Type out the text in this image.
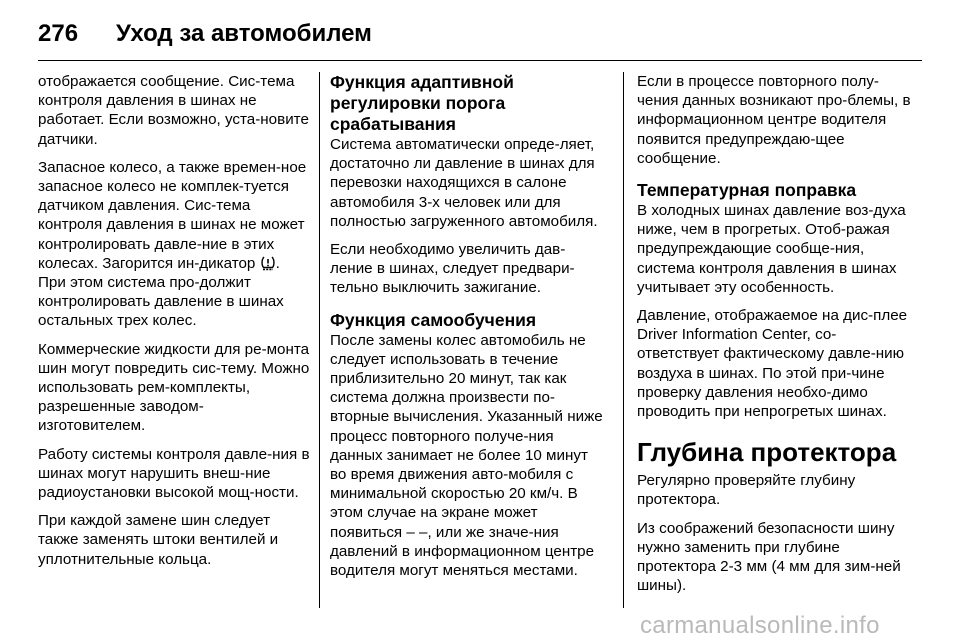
276	Уход за автомобилем

отображается сообщение. Сис-тема контроля давления в шинах не работает. Если возможно, уста-новите датчики.

Запасное колесо, а также времен-ное запасное колесо не комплек-туется датчиком давления. Сис-тема контроля давления в шинах не может контролировать давле-ние в этих колесах. Загорится ин-дикатор . При этом система про-должит контролировать давление в шинах остальных трех колес.

Коммерческие жидкости для ре-монта шин могут повредить сис-тему. Можно использовать рем-комплекты, разрешенные заводом-изготовителем.

Работу системы контроля давле-ния в шинах могут нарушить внеш-ние радиоустановки высокой мощ-ности.

При каждой замене шин следует также заменять штоки вентилей и уплотнительные кольца.

Функция адаптивной регулировки порога срабатывания

Система автоматически опреде-ляет, достаточно ли давление в шинах для перевозки находящихся в салоне автомобиля 3-х человек или для полностью загруженного автомобиля.

Если необходимо увеличить дав-ление в шинах, следует предвари-тельно выключить зажигание.

Функция самообучения

После замены колес автомобиль не следует использовать в течение приблизительно 20 минут, так как система должна произвести по-вторные вычисления. Указанный ниже процесс повторного получе-ния данных занимает не более 10 минут во время движения авто-мобиля с минимальной скоростью 20 км/ч. В этом случае на экране может появиться – –, или же значе-ния давлений в информационном центре водителя могут меняться местами.

Если в процессе повторного полу-чения данных возникают про-блемы, в информационном центре водителя появится предупреждаю-щее сообщение.

Температурная поправка

В холодных шинах давление воз-духа ниже, чем в прогретых. Отоб-ражая предупреждающие сообще-ния, система контроля давления в шинах учитывает эту особенность.

Давление, отображаемое на дис-плее Driver Information Center, со-ответствует фактическому давле-нию воздуха в шинах. По этой при-чине проверку давления необхо-димо проводить при непрогретых шинах.

Глубина протектора

Регулярно проверяйте глубину протектора.

Из соображений безопасности шину нужно заменить при глубине протектора 2-3 мм (4 мм для зим-ней шины).

carmanualsonline.info
